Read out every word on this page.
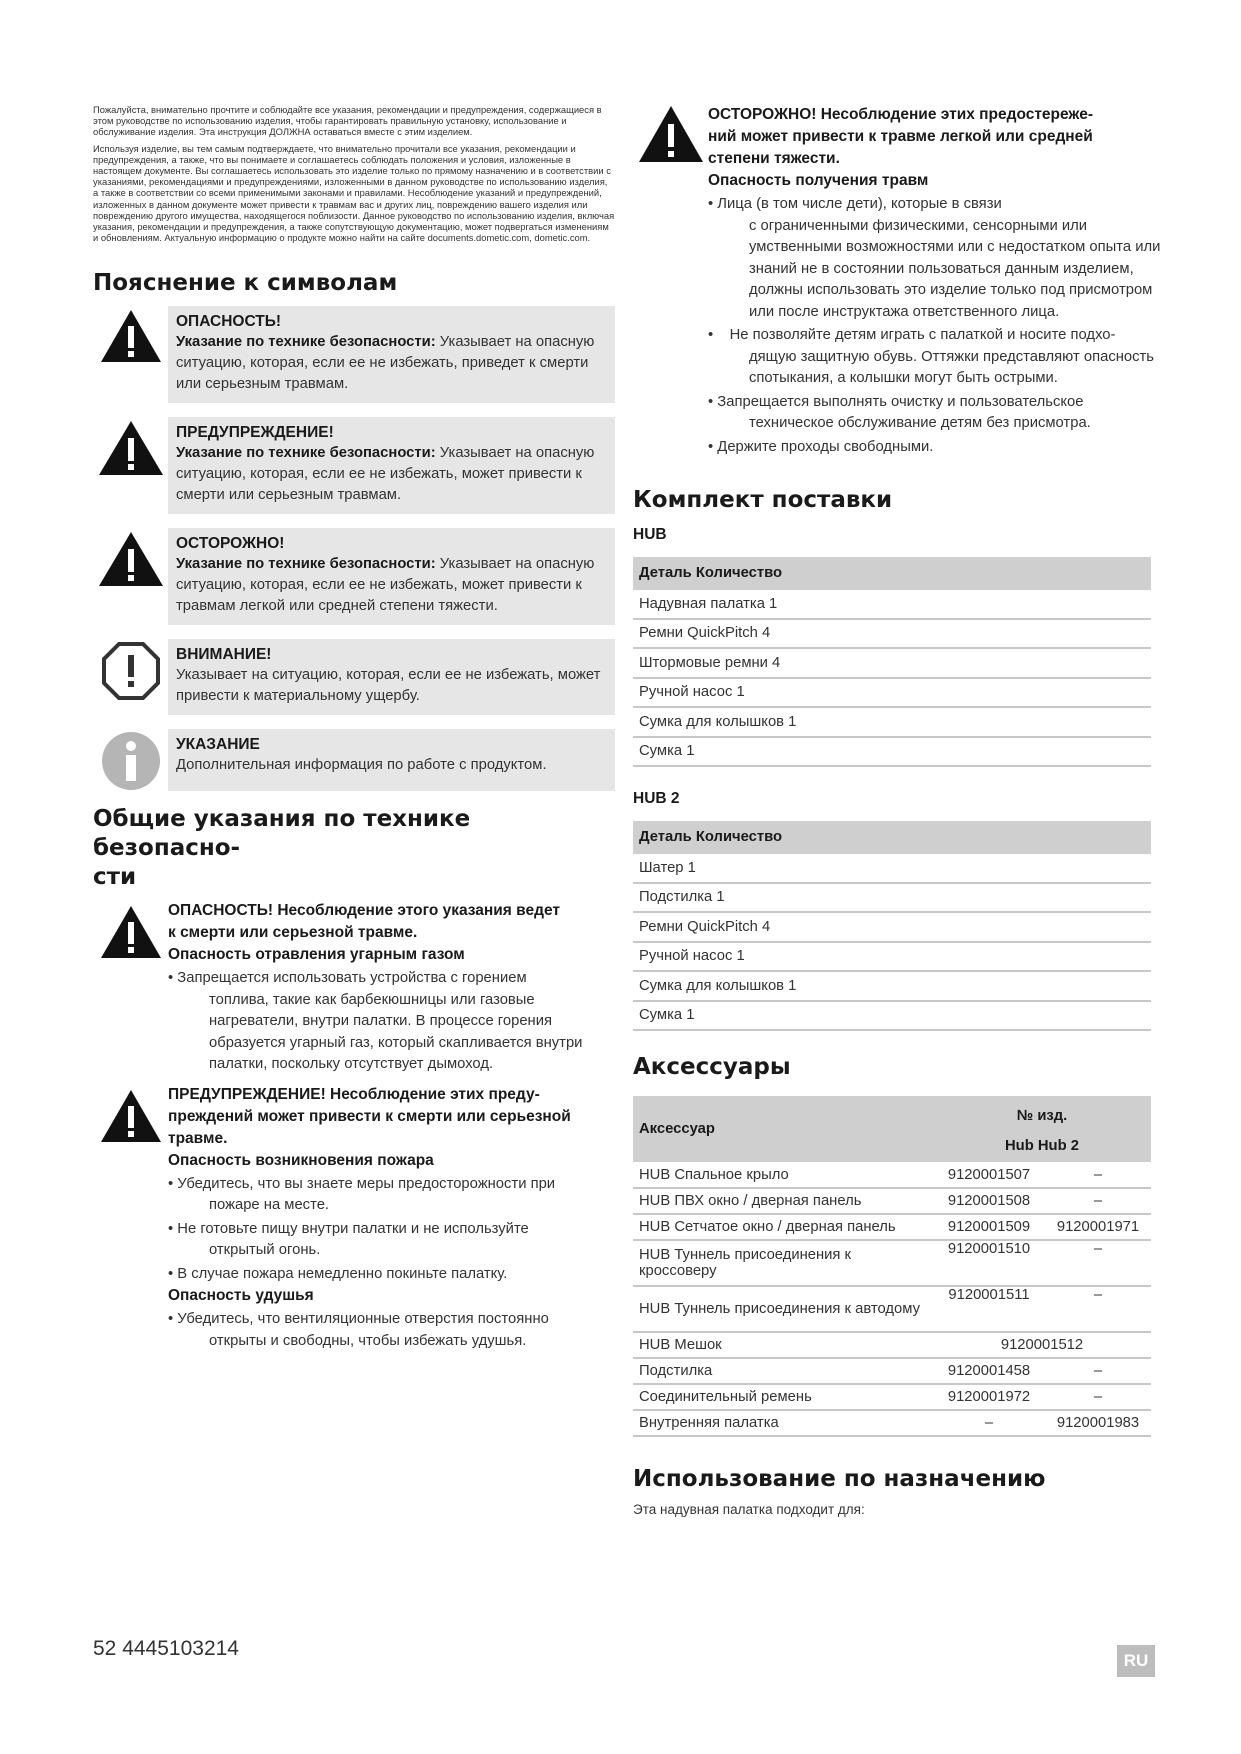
Пожалуйста, внимательно прочтите и соблюдайте все указания, рекомендации и предупреждения, содержащиеся в этом руководстве по использованию изделия, чтобы гарантировать правильную установку, использование и обслуживание изделия. Эта инструкция ДОЛЖНА оставаться вместе с этим изделием.

Используя изделие, вы тем самым подтверждаете, что внимательно прочитали все указания, рекомендации и предупреждения, а также, что вы понимаете и соглашаетесь соблюдать положения и условия, изложенные в настоящем документе. Вы соглашаетесь использовать это изделие только по прямому назначению и в соответствии с указаниями, рекомендациями и предупреждениями, изложенными в данном руководстве по использованию изделия, а также в соответствии со всеми применимыми законами и правилами. Несоблюдение указаний и предупреждений, изложенных в данном документе может привести к травмам вас и других лиц, повреждению вашего изделия или повреждению другого имущества, находящегося поблизости. Данное руководство по использованию изделия, включая указания, рекомендации и предупреждения, а также сопутствующую документацию, может подвергаться изменениям и обновлениям. Актуальную информацию о продукте можно найти на сайте documents.dometic.com, dometic.com.

Пояснение к символам
ОПАСНОСТЬ!
Указание по технике безопасности: Указывает на опасную ситуацию, которая, если ее не избежать, приведет к смерти или серьезным травмам.
ПРЕДУПРЕЖДЕНИЕ!
Указание по технике безопасности: Указывает на опасную ситуацию, которая, если ее не избежать, может привести к смерти или серьезным травмам.
ОСТОРОЖНО!
Указание по технике безопасности: Указывает на опасную ситуацию, которая, если ее не избежать, может привести к травмам легкой или средней степени тяжести.
ВНИМАНИЕ!
Указывает на ситуацию, которая, если ее не избежать, может привести к материальному ущербу.
УКАЗАНИЕ
Дополнительная информация по работе с продуктом.
Общие указания по технике безопасно-
сти
ОПАСНОСТЬ! Несоблюдение этого указания ведет
к смерти или серьезной травме.
Опасность отравления угарным газом
• Запрещается использовать устройства с горением
топлива, такие как барбекюшницы или газовые нагреватели, внутри палатки. В процессе горения образуется угарный газ, который скапливается внутри палатки, поскольку отсутствует дымоход.
ПРЕДУПРЕЖДЕНИЕ! Несоблюдение этих преду-
преждений может привести к смерти или серьезной
травме.
Опасность возникновения пожара
• Убедитесь, что вы знаете меры предосторожности при
пожаре на месте.
• Не готовьте пищу внутри палатки и не используйте
открытый огонь.
• В случае пожара немедленно покиньте палатку.
Опасность удушья
• Убедитесь, что вентиляционные отверстия постоянно
открыты и свободны, чтобы избежать удушья.
ОСТОРОЖНО! Несоблюдение этих предостереже-
ний может привести к травме легкой или средней
степени тяжести.
Опасность получения травм
• Лица (в том числе дети), которые в связи
с ограниченными физическими, сенсорными или умственными возможностями или с недостатком опыта или знаний не в состоянии пользоваться данным изделием, должны использовать это изделие только под присмотром или после инструктажа ответственного лица.
•    Не позволяйте детям играть с палаткой и носите подхо-
дящую защитную обувь. Оттяжки представляют опасность спотыкания, а колышки могут быть острыми.
• Запрещается выполнять очистку и пользовательское
техническое обслуживание детям без присмотра.
• Держите проходы свободными.
Комплект поставки
HUB
Деталь Количество
Надувная палатка 1
Ремни QuickPitch 4
Штормовые ремни 4
Ручной насос 1
Сумка для колышков 1
Сумка 1
HUB 2
Деталь Количество
Шатер 1
Подстилка 1
Ремни QuickPitch 4
Ручной насос 1
Сумка для колышков 1
Сумка 1
Аксессуары
Аксессуар	№ изд.	
	Hub Hub 2	
HUB Спальное крыло	9120001507	–
HUB ПВХ окно / дверная панель	9120001508	–
HUB Сетчатое окно / дверная панель	9120001509	9120001971
HUB Туннель присоединения к кроссоверу	9120001510	–
HUB Туннель присоединения к автодому	9120001511	–
HUB Мешок	9120001512	
Подстилка	9120001458	–
Соединительный ремень	9120001972	–
Внутренняя палатка	–	9120001983
Использование по назначению
Эта надувная палатка подходит для:
52 4445103214
RU
